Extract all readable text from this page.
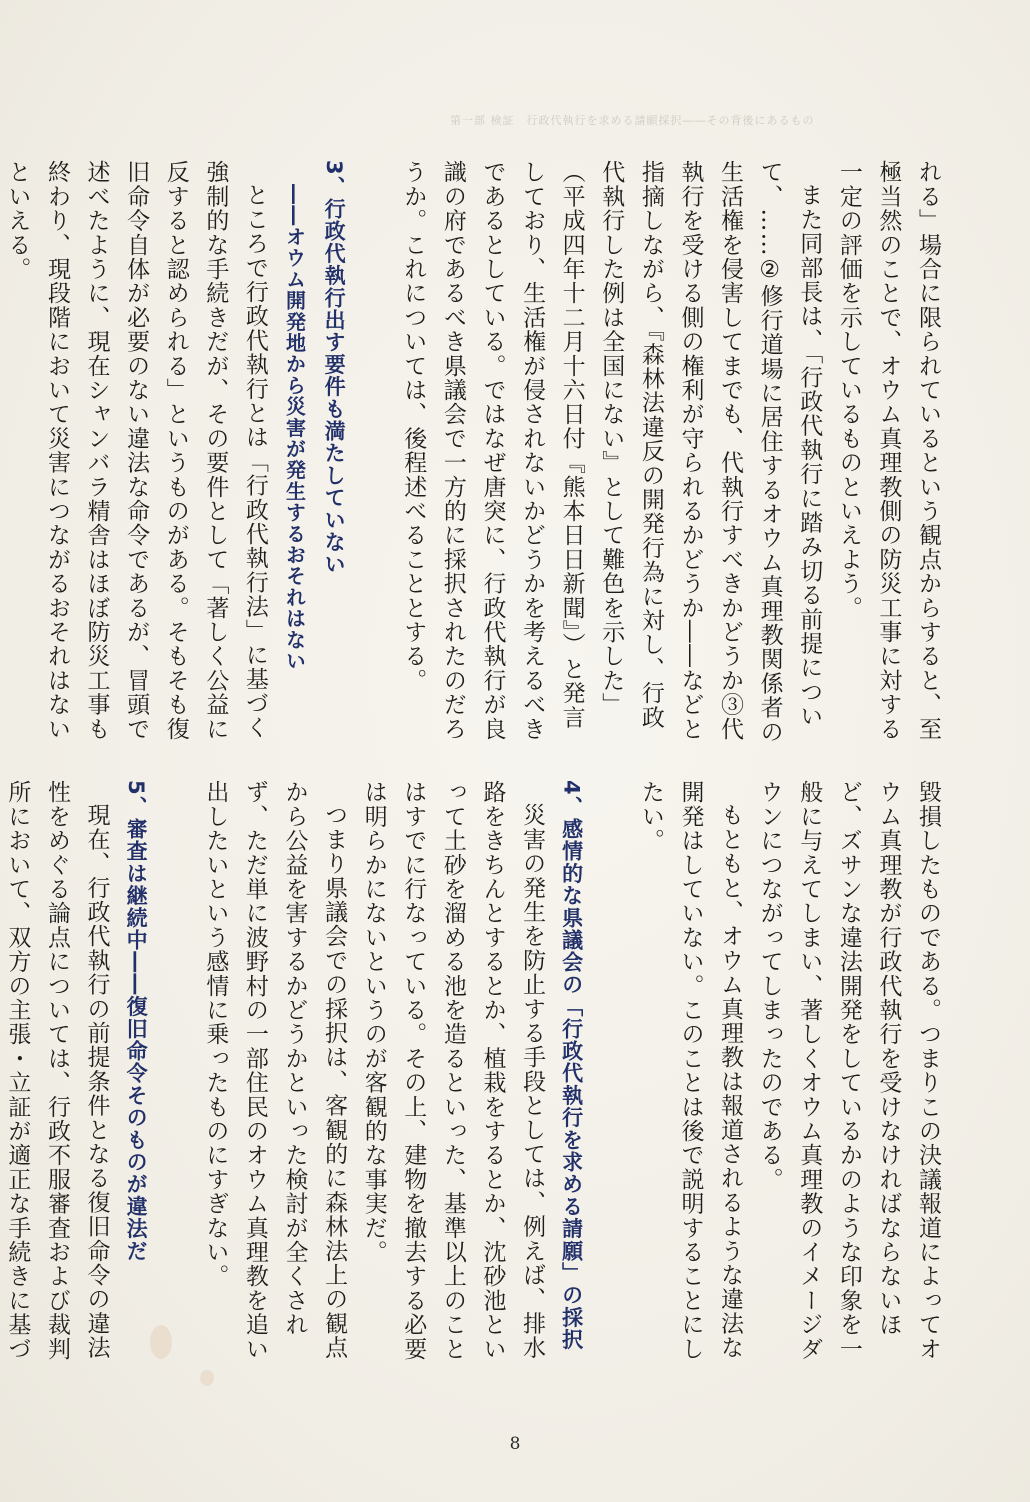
第一部 検証　行政代執行を求める請願採択――その背後にあるもの

れる」場合に限られているという観点からすると、至極当然のことで、オウム真理教側の防災工事に対する一定の評価を示しているものといえよう。

また同部長は、「行政代執行に踏み切る前提について、……②修行道場に居住するオウム真理教関係者の生活権を侵害してまでも、代執行すべきかどうか③代執行を受ける側の権利が守られるかどうか――などと指摘しながら、『森林法違反の開発行為に対し、行政代執行した例は全国にない』として難色を示した」（平成四年十二月十六日付『熊本日日新聞』）と発言しており、生活権が侵されないかどうかを考えるべきであるとしている。ではなぜ唐突に、行政代執行が良識の府であるべき県議会で一方的に採択されたのだろうか。これについては、後程述べることとする。

3、行政代執行出す要件も満たしていない

――オウム開発地から災害が発生するおそれはない

ところで行政代執行とは「行政代執行法」に基づく強制的な手続きだが、その要件として「著しく公益に反すると認められる」というものがある。そもそも復旧命令自体が必要のない違法な命令であるが、冒頭で述べたように、現在シャンバラ精舎はほぼ防災工事も終わり、現段階において災害につながるおそれはないといえる。

毀損したものである。つまりこの決議報道によってオウム真理教が行政代執行を受けなければならないほど、ズサンな違法開発をしているかのような印象を一般に与えてしまい、著しくオウム真理教のイメージダウンにつながってしまったのである。

もともと、オウム真理教は報道されるような違法な開発はしていない。このことは後で説明することにしたい。

4、感情的な県議会の「行政代執行を求める請願」の採択

災害の発生を防止する手段としては、例えば、排水路をきちんとするとか、植栽をするとか、沈砂池といって土砂を溜める池を造るといった、基準以上のことはすでに行なっている。その上、建物を撤去する必要は明らかにないというのが客観的な事実だ。

つまり県議会での採択は、客観的に森林法上の観点から公益を害するかどうかといった検討が全くされず、ただ単に波野村の一部住民のオウム真理教を追い出したいという感情に乗ったものにすぎない。

5、審査は継続中――復旧命令そのものが違法だ

現在、行政代執行の前提条件となる復旧命令の違法性をめぐる論点については、行政不服審査および裁判所において、双方の主張・立証が適正な手続きに基づ

8
